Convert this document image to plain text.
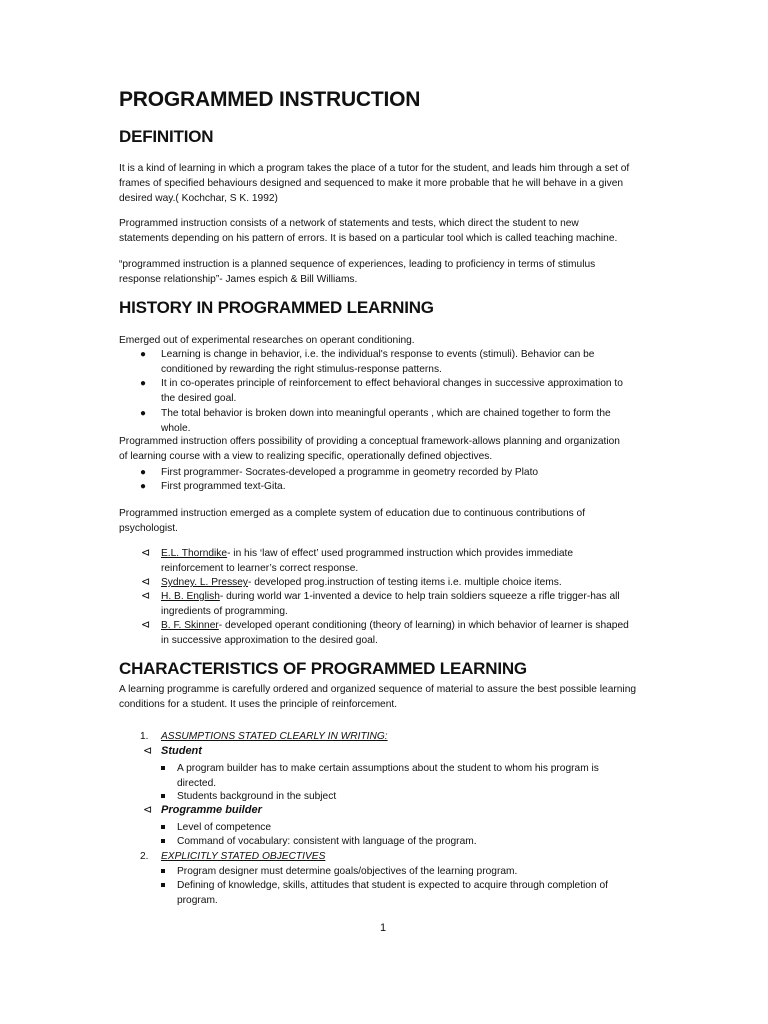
PROGRAMMED INSTRUCTION
DEFINITION
It is a kind of learning in which a program takes the place of a tutor for the student, and leads him through a set of
frames of specified behaviours designed and sequenced to make it more probable that he will behave in a given
desired way.( Kochchar, S K. 1992)
Programmed instruction consists of a network of statements and tests, which direct the student to new
statements depending on his pattern of errors. It is based on a particular tool which is called teaching machine.
“programmed instruction is a planned sequence of experiences, leading to proficiency in terms of stimulus
response relationship”- James espich & Bill Williams.
HISTORY IN PROGRAMMED LEARNING
Emerged out of experimental researches on operant conditioning.
● Learning is change in behavior, i.e. the individual's response to events (stimuli). Behavior can be
conditioned by rewarding the right stimulus-response patterns.
● It in co-operates principle of reinforcement to effect behavioral changes in successive approximation to
the desired goal.
● The total behavior is broken down into meaningful operants , which are chained together to form the
whole.
Programmed instruction offers possibility of providing a conceptual framework-allows planning and organization
of learning course with a view to realizing specific, operationally defined objectives.
● First programmer- Socrates-developed a programme in geometry recorded by Plato
● First programmed text-Gita.
Programmed instruction emerged as a complete system of education due to continuous contributions of
psychologist.
⊲ E.L. Thorndike- in his ‘law of effect’ used programmed instruction which provides immediate
reinforcement to learner’s correct response.
⊲ Sydney. L. Pressey- developed prog.instruction of testing items i.e. multiple choice items.
⊲ H. B. English- during world war 1-invented a device to help train soldiers squeeze a rifle trigger-has all
ingredients of programming.
⊲ B. F. Skinner- developed operant conditioning (theory of learning) in which behavior of learner is shaped
in successive approximation to the desired goal.
CHARACTERISTICS OF PROGRAMMED LEARNING
A learning programme is carefully ordered and organized sequence of material to assure the best possible learning
conditions for a student. It uses the principle of reinforcement.
1. ASSUMPTIONS STATED CLEARLY IN WRITING:
⊲ Student
A program builder has to make certain assumptions about the student to whom his program is
directed.
Students background in the subject
⊲ Programme builder
Level of competence
Command of vocabulary: consistent with language of the program.
2. EXPLICITLY STATED OBJECTIVES
Program designer must determine goals/objectives of the learning program.
Defining of knowledge, skills, attitudes that student is expected to acquire through completion of
program.
1
